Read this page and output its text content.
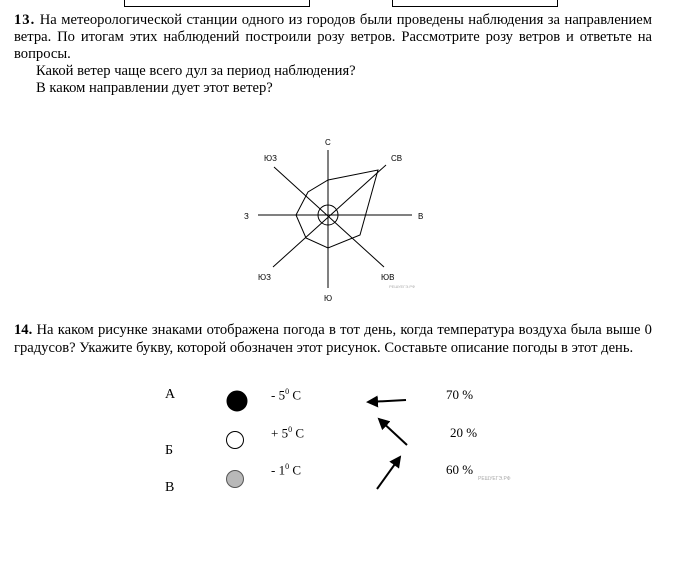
13. На метеорологической станции одного из городов были проведены наблюдения за направлением ветра. По итогам этих наблюдений построили розу ветров. Рассмотрите розу ветров и ответьте на вопросы.
Какой ветер чаще всего дул за период наблюдения?
В каком направлении дует этот ветер?
С
СВ
В
ЮВ
Ю
ЮЗ
З
ЮЗ
РЕШУЕГЭ.РФ
14. На каком рисунке знаками отображена погода в тот день, когда температура воздуха была выше 0 градусов? Укажите букву, которой обозначен этот рисунок. Составьте описание погоды в этот день.
А
Б
В
- $5^0$ С
+ $5^0$ С
- $1^0$ С
70 %
20 %
60 %
РЕШУЕГЭ.РФ
